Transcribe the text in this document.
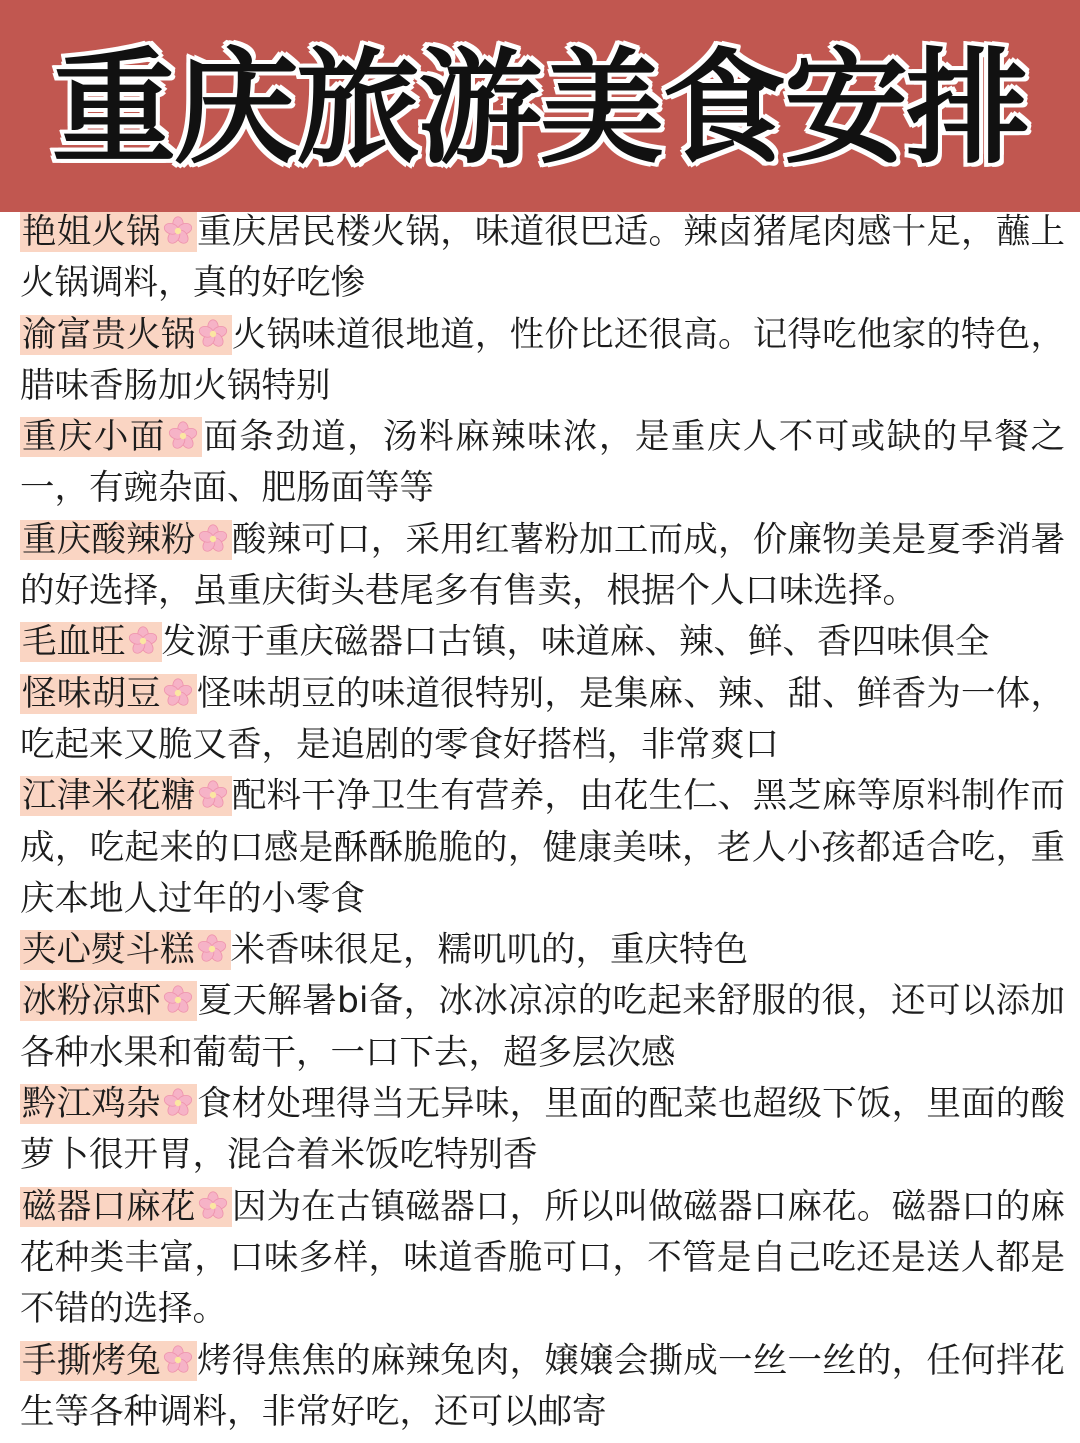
重庆旅游美食安排

艳姐火锅 重庆居民楼火锅，味道很巴适。辣卤猪尾肉感十足，蘸上火锅调料，真的好吃惨

渝富贵火锅 火锅味道很地道，性价比还很高。记得吃他家的特色，腊味香肠加火锅特别

重庆小面 面条劲道，汤料麻辣味浓，是重庆人不可或缺的早餐之一，有豌杂面、肥肠面等等

重庆酸辣粉 酸辣可口，采用红薯粉加工而成，价廉物美是夏季消暑的好选择，虽重庆街头巷尾多有售卖，根据个人口味选择。

毛血旺 发源于重庆磁器口古镇，味道麻、辣、鲜、香四味俱全

怪味胡豆 怪味胡豆的味道很特别，是集麻、辣、甜、鲜香为一体，吃起来又脆又香，是追剧的零食好搭档，非常爽口

江津米花糖 配料干净卫生有营养，由花生仁、黑芝麻等原料制作而成，吃起来的口感是酥酥脆脆的，健康美味，老人小孩都适合吃，重庆本地人过年的小零食

夹心熨斗糕 米香味很足，糯叽叽的，重庆特色

冰粉凉虾 夏天解暑bi备，冰冰凉凉的吃起来舒服的很，还可以添加各种水果和葡萄干，一口下去，超多层次感

黔江鸡杂 食材处理得当无异味，里面的配菜也超级下饭，里面的酸萝卜很开胃，混合着米饭吃特别香

磁器口麻花 因为在古镇磁器口，所以叫做磁器口麻花。磁器口的麻花种类丰富，口味多样，味道香脆可口，不管是自己吃还是送人都是不错的选择。

手撕烤兔 烤得焦焦的麻辣兔肉，嬢嬢会撕成一丝一丝的，任何拌花生等各种调料，非常好吃，还可以邮寄
